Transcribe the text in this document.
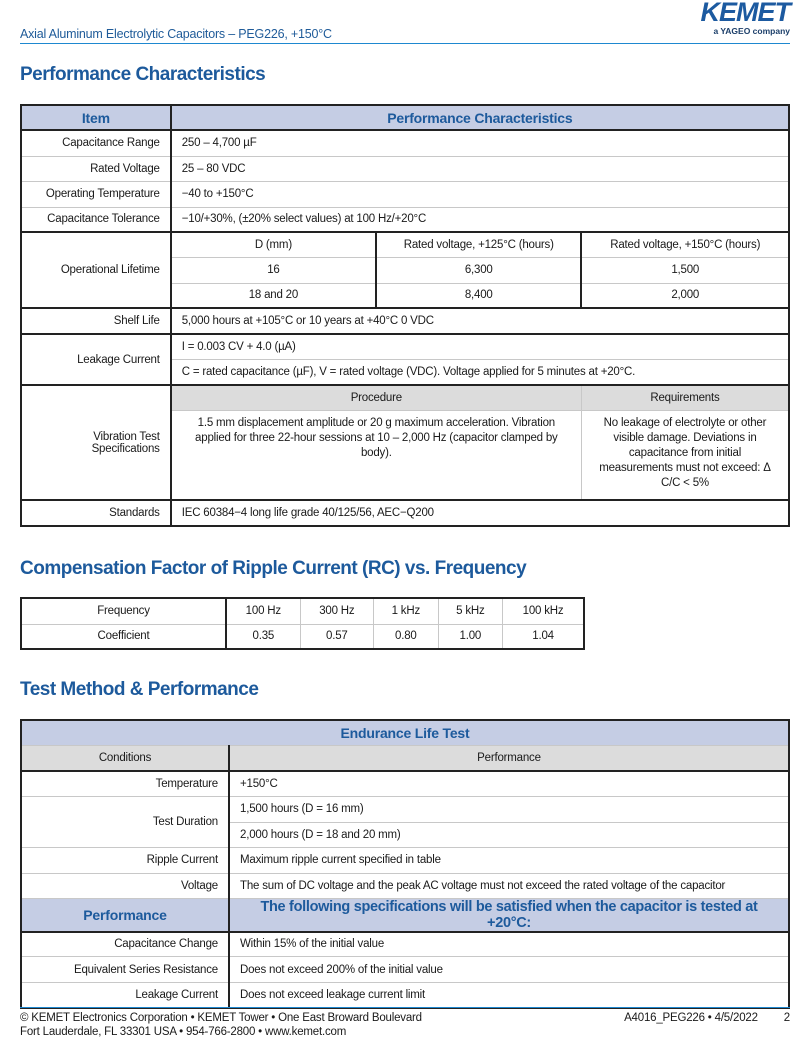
Axial Aluminum Electrolytic Capacitors – PEG226, +150°C
KEMET
a YAGEO company
Performance Characteristics
Item	Performance Characteristics		
Capacitance Range	250 – 4,700 µF		
Rated Voltage	25 – 80 VDC		
Operating Temperature	−40 to +150°C		
Capacitance Tolerance	−10/+30%, (±20% select values) at 100 Hz/+20°C		
Operational Lifetime	D (mm)	Rated voltage, +125°C (hours)	Rated voltage, +150°C (hours)
	16	6,300	1,500
	18 and 20	8,400	2,000
Shelf Life	5,000 hours at +105°C or 10 years at +40°C 0 VDC		
Leakage Current	I = 0.003 CV + 4.0 (µA)		
	C = rated capacitance (µF), V = rated voltage (VDC). Voltage applied for 5 minutes at +20°C.		
Vibration Test Specifications	Procedure		Requirements
	1.5 mm displacement amplitude or 20 g maximum acceleration. Vibration applied for three 22-hour sessions at 10 – 2,000 Hz (capacitor clamped by body).		No leakage of electrolyte or other visible damage. Deviations in capacitance from initial measurements must not exceed: Δ C/C < 5%
Standards	IEC 60384−4 long life grade 40/125/56, AEC−Q200		
Compensation Factor of Ripple Current (RC) vs. Frequency
Frequency	100 Hz	300 Hz	1 kHz	5 kHz	100 kHz
Coefficient	0.35	0.57	0.80	1.00	1.04
Test Method & Performance
Endurance Life Test	
Conditions	Performance
Temperature	+150°C
Test Duration	1,500 hours (D = 16 mm)
	2,000 hours (D = 18 and 20 mm)
Ripple Current	Maximum ripple current specified in table
Voltage	The sum of DC voltage and the peak AC voltage must not exceed the rated voltage of the capacitor
Performance	The following specifications will be satisfied when the capacitor is tested at +20°C:
Capacitance Change	Within 15% of the initial value
Equivalent Series Resistance	Does not exceed 200% of the initial value
Leakage Current	Does not exceed leakage current limit
© KEMET Electronics Corporation • KEMET Tower • One East Broward Boulevard
Fort Lauderdale, FL 33301 USA • 954-766-2800 • www.kemet.com
A4016_PEG226 • 4/5/2022 2
